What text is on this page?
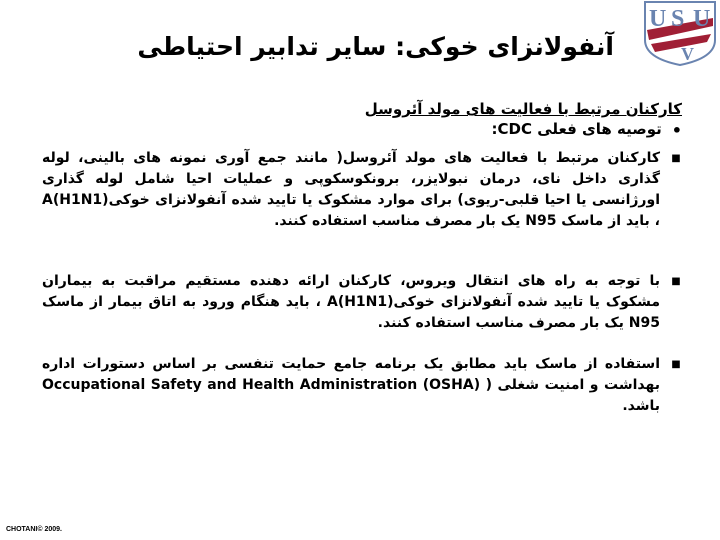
U S U
V
آنفولانزای خوکی: سایر تدابیر احتیاطی
کارکنان مرتبط با فعالیت های مولد آئروسل
•
توصیه های فعلی CDC:
■
کارکنان مرتبط با فعالیت های مولد آئروسل( مانند جمع آوری نمونه های بالینی، لوله گذاری داخل نای، درمان نبولایزر، برونکوسکوپی و عملیات احیا شامل لوله گذاری اورژانسی یا احیا قلبی-ریوی) برای موارد مشکوک یا تایید شده آنفولانزای خوکیA(H1N1) ، باید از ماسک N95 یک بار مصرف مناسب استفاده کنند.
■
با توجه به راه های انتقال ویروس، کارکنان ارائه دهنده مستقیم مراقبت به بیماران مشکوک یا تایید شده آنفولانزای خوکیA(H1N1) ، باید هنگام ورود به اتاق بیمار از ماسک N95 یک بار مصرف مناسب استفاده کنند.
■
استفاده از ماسک باید مطابق یک برنامه جامع حمایت تنفسی بر اساس دستورات اداره بهداشت و امنیت شغلی ( Occupational Safety and Health Administration (OSHA) باشد.
CHOTANI© 2009.
